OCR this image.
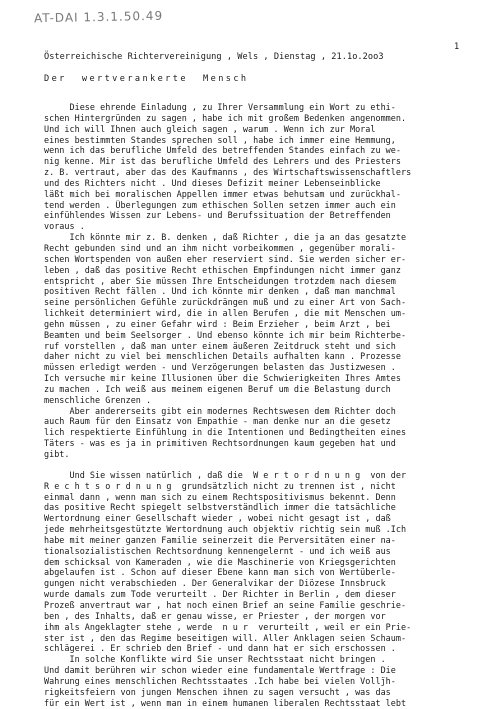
AT-DAI 1.3.1.50.49
1
Österreichische Richtervereinigung , Wels , Dienstag , 21.1o.2oo3
Der  wertverankerte  Mensch
Diese ehrende Einladung , zu Ihrer Versammlung ein Wort zu ethi-
schen Hintergründen zu sagen , habe ich mit großem Bedenken angenommen.
Und ich will Ihnen auch gleich sagen , warum . Wenn ich zur Moral
eines bestimmten Standes sprechen soll , habe ich immer eine Hemmung,
wenn ich das berufliche Umfeld des betreffenden Standes einfach zu we-
nig kenne. Mir ist das berufliche Umfeld des Lehrers und des Priesters
z. B. vertraut, aber das des Kaufmanns , des Wirtschaftswissenschaftlers
und des Richters nicht . Und dieses Defizit meiner Lebenseinblicke
läßt mich bei moralischen Appellen immer etwas behutsam und zurückhal-
tend werden . Überlegungen zum ethischen Sollen setzen immer auch ein
einfühlendes Wissen zur Lebens- und Berufssituation der Betreffenden
voraus .
Ich könnte mir z. B. denken , daß Richter , die ja an das gesatzte
Recht gebunden sind und an ihm nicht vorbeikommen , gegenüber morali-
schen Wortspenden von außen eher reserviert sind. Sie werden sicher er-
leben , daß das positive Recht ethischen Empfindungen nicht immer ganz
entspricht , aber Sie müssen Ihre Entscheidungen trotzdem nach diesem
positiven Recht fällen . Und ich könnte mir denken , daß man manchmal
seine persönlichen Gefühle zurückdrängen muß und zu einer Art von Sach-
lichkeit determiniert wird, die in allen Berufen , die mit Menschen um-
gehn müssen , zu einer Gefahr wird : Beim Erzieher , beim Arzt , bei
Beamten und beim Seelsorger . Und ebenso könnte ich mir beim Richterbe-
ruf vorstellen , daß man unter einem äußeren Zeitdruck steht und sich
daher nicht zu viel bei menschlichen Details aufhalten kann . Prozesse
müssen erledigt werden - und Verzögerungen belasten das Justizwesen .
Ich versuche mir keine Illusionen über die Schwierigkeiten Ihres Amtes
zu machen . Ich weiß aus meinem eigenen Beruf um die Belastung durch
menschliche Grenzen .
Aber andererseits gibt ein modernes Rechtswesen dem Richter doch
auch Raum für den Einsatz von Empathie - man denke nur an die gesetz
lich respektierte Einfühlung in die Intentionen und Bedingtheiten eines
Täters - was es ja in primitiven Rechtsordnungen kaum gegeben hat und
gibt.
Und Sie wissen natürlich , daß die  W e r t o r d n u n g  von der
R e c h t s o r d n u n g  grundsätzlich nicht zu trennen ist , nicht
einmal dann , wenn man sich zu einem Rechtspositivismus bekennt. Denn
das positive Recht spiegelt selbstverständlich immer die tatsächliche
Wertordnung einer Gesellschaft wieder , wobei nicht gesagt ist , daß
jede mehrheitsgestützte Wertordnung auch objektiv richtig sein muß .Ich
habe mit meiner ganzen Familie seinerzeit die Perversitäten einer na-
tionalsozialistischen Rechtsordnung kennengelernt - und ich weiß aus
dem schicksal von Kameraden , wie die Maschinerie von Kriegsgerichten
abgelaufen ist . Schon auf dieser Ebene kann man sich von Wertüberle-
gungen nicht verabschieden . Der Generalvikar der Diözese Innsbruck
wurde damals zum Tode verurteilt . Der Richter in Berlin , dem dieser
Prozeß anvertraut war , hat noch einen Brief an seine Familie geschrie-
ben , des Inhalts, daß er genau wisse, er Priester , der morgen vor
ihm als Angeklagter stehe , werde  n u r  verurteilt , weil er ein Prie-
ster ist , den das Regime beseitigen will. Aller Anklagen seien Schaum-
schlägerei . Er schrieb den Brief - und dann hat er sich erschossen .
In solche Konflikte wird Sie unser Rechtsstaat nicht bringen .
Und damit berühren wir schon wieder eine fundamentale Wertfrage : Die
Wahrung eines menschlichen Rechtsstaates .Ich habe bei vielen Vollj̈h-
rigkeitsfeiern von jungen Menschen ihnen zu sagen versucht , was das
für ein Wert ist , wenn man in einem humanen liberalen Rechtsstaat lebt
